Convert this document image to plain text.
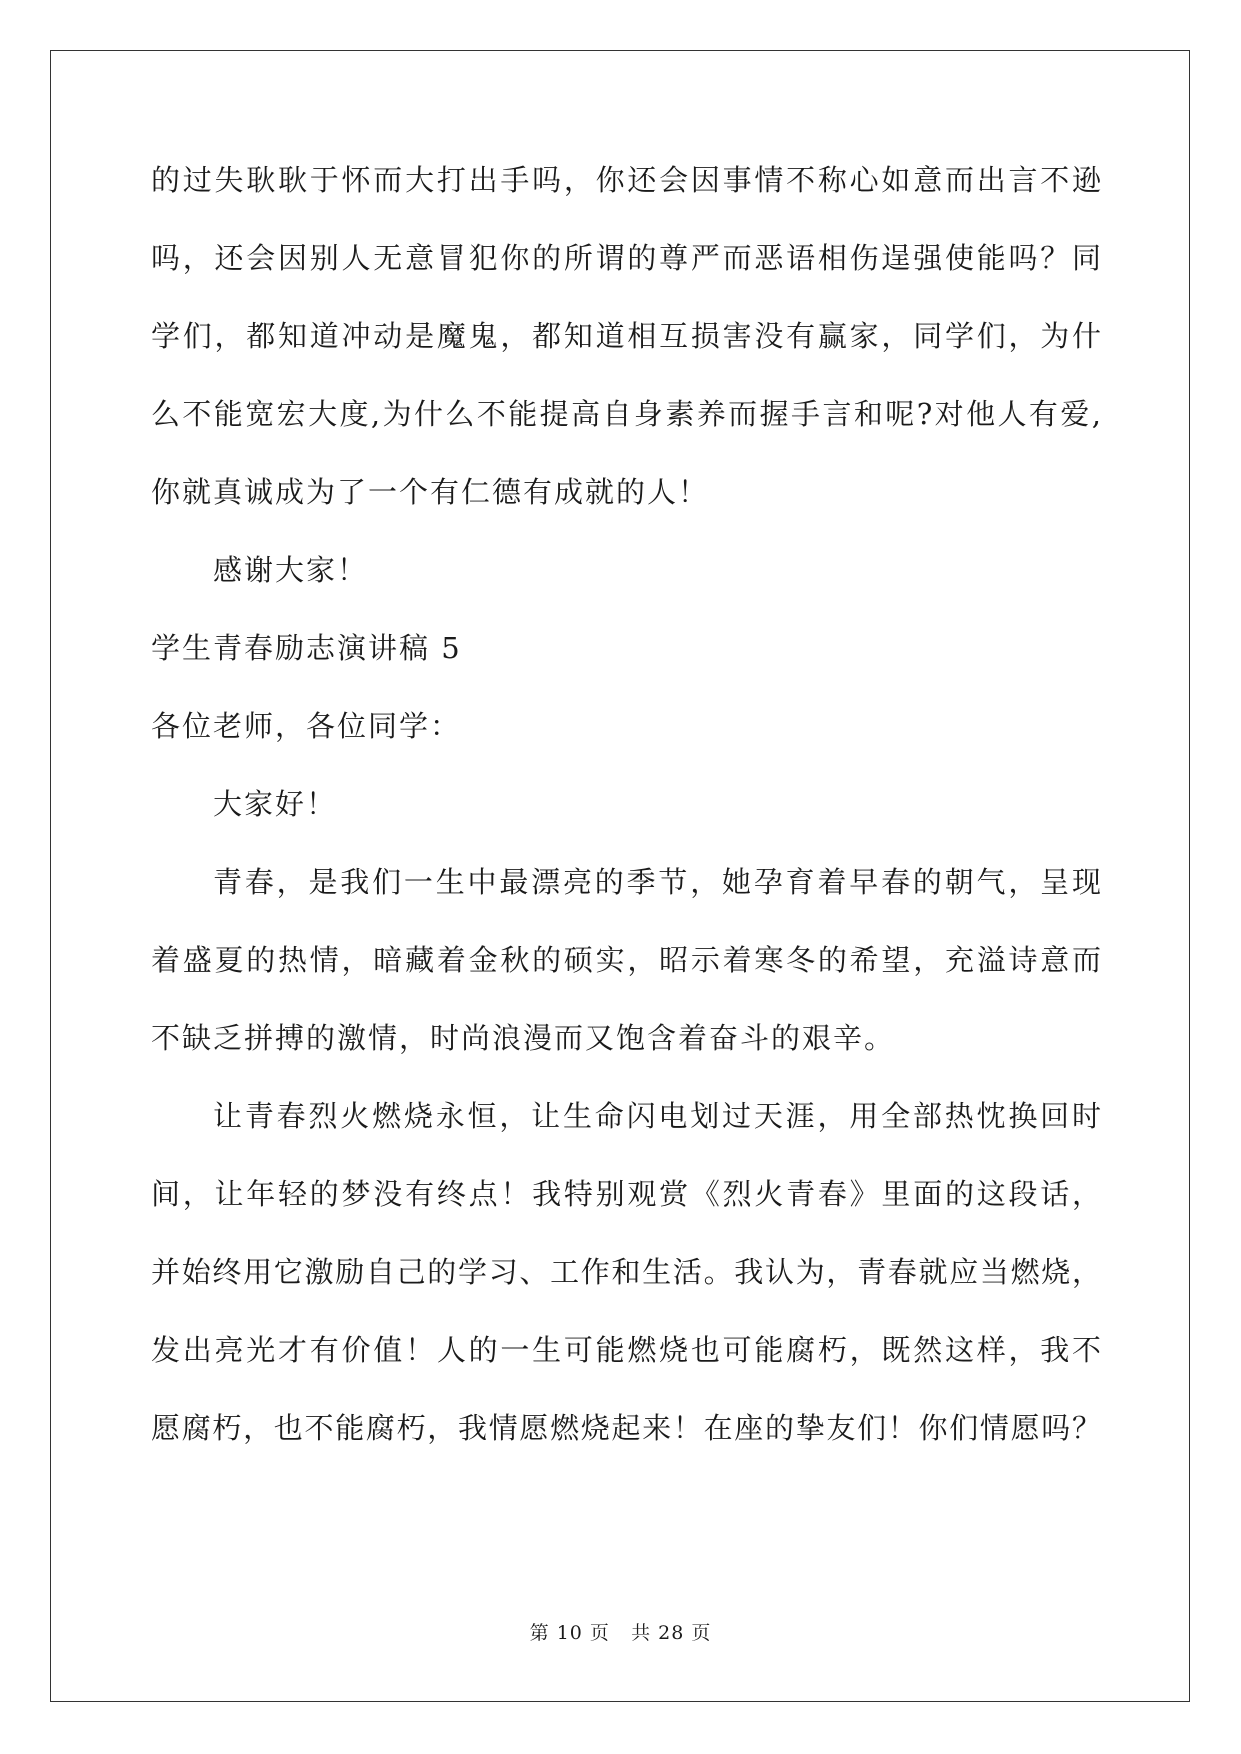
的过失耿耿于怀而大打出手吗，你还会因事情不称心如意而出言不逊
吗，还会因别人无意冒犯你的所谓的尊严而恶语相伤逞强使能吗？同
学们，都知道冲动是魔鬼，都知道相互损害没有赢家，同学们，为什
么不能宽宏大度,为什么不能提高自身素养而握手言和呢?对他人有爱,
你就真诚成为了一个有仁德有成就的人！
感谢大家！
学生青春励志演讲稿 5
各位老师，各位同学：
大家好！
青春，是我们一生中最漂亮的季节，她孕育着早春的朝气，呈现
着盛夏的热情，暗藏着金秋的硕实，昭示着寒冬的希望，充溢诗意而
不缺乏拼搏的激情，时尚浪漫而又饱含着奋斗的艰辛。
让青春烈火燃烧永恒，让生命闪电划过天涯，用全部热忱换回时
间，让年轻的梦没有终点！我特别观赏《烈火青春》里面的这段话，
并始终用它激励自己的学习、工作和生活。我认为，青春就应当燃烧，
发出亮光才有价值！人的一生可能燃烧也可能腐朽，既然这样，我不
愿腐朽，也不能腐朽，我情愿燃烧起来！在座的挚友们！你们情愿吗？
第 10 页 共 28 页
